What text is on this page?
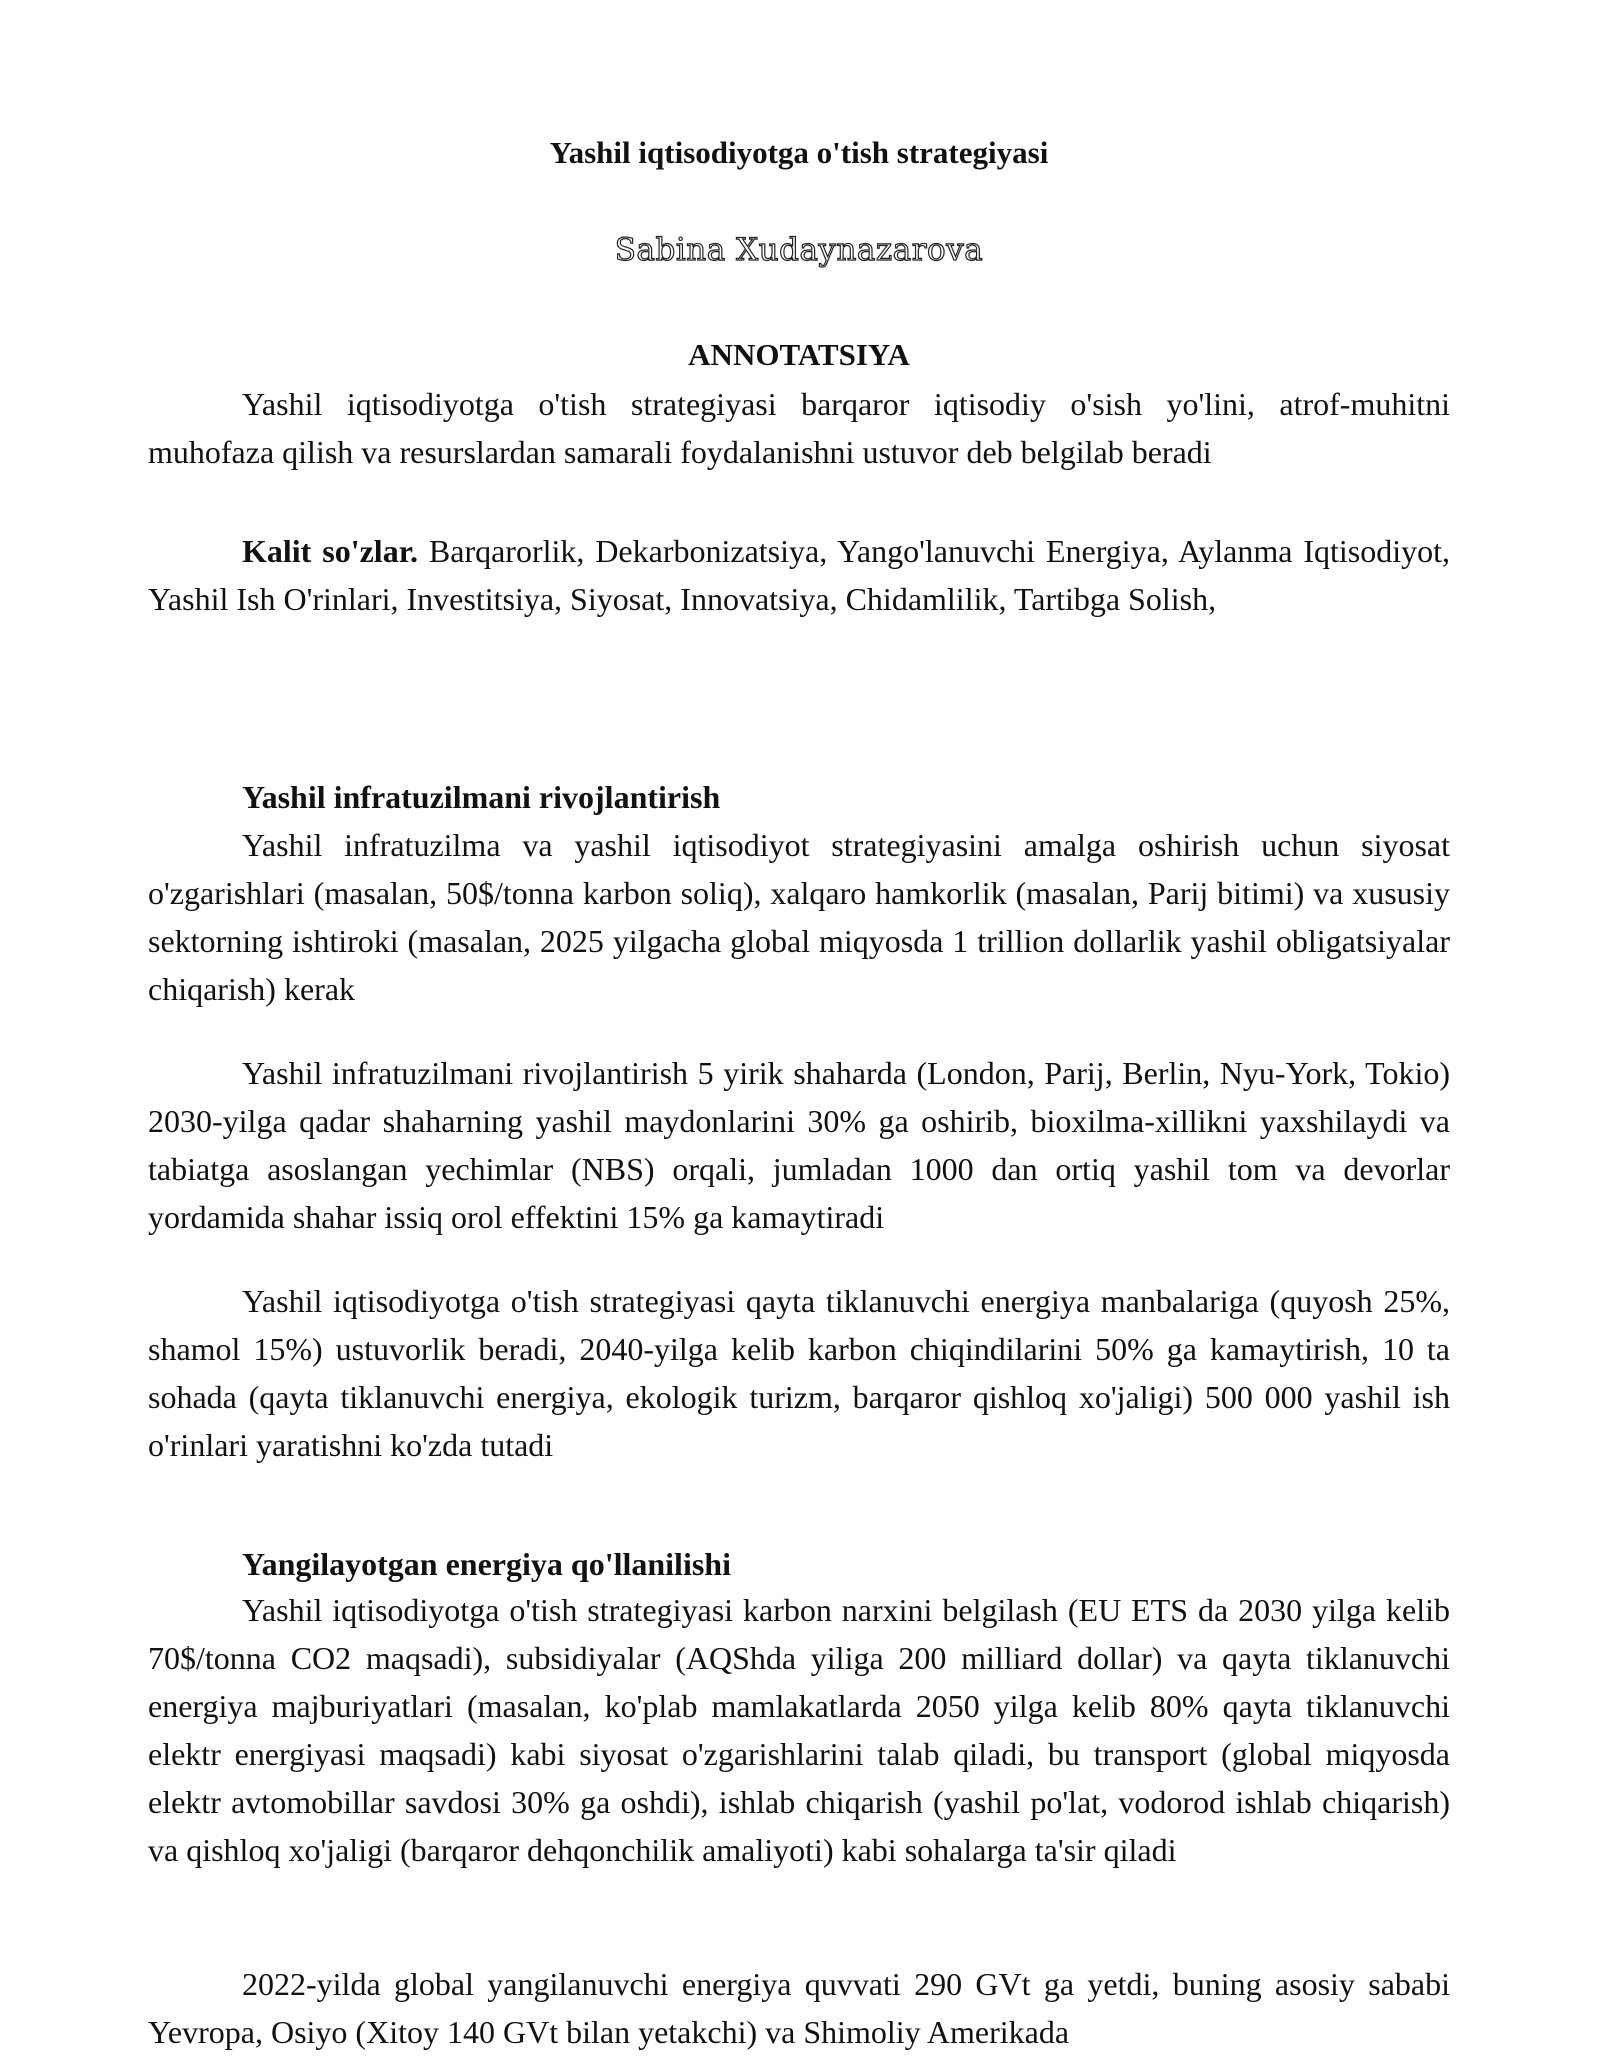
Yashil iqtisodiyotga o'tish strategiyasi
Sabina Xudaynazarova
ANNOTATSIYA
Yashil iqtisodiyotga o'tish strategiyasi barqaror iqtisodiy o'sish yo'lini, atrof-muhitni muhofaza qilish va resurslardan samarali foydalanishni ustuvor deb belgilab beradi
Kalit so'zlar. Barqarorlik, Dekarbonizatsiya, Yango'lanuvchi Energiya, Aylanma Iqtisodiyot, Yashil Ish O'rinlari, Investitsiya, Siyosat, Innovatsiya, Chidamlilik, Tartibga Solish,
Yashil infratuzilmani rivojlantirish
Yashil infratuzilma va yashil iqtisodiyot strategiyasini amalga oshirish uchun siyosat o'zgarishlari (masalan, 50$/tonna karbon soliq), xalqaro hamkorlik (masalan, Parij bitimi) va xususiy sektorning ishtiroki (masalan, 2025 yilgacha global miqyosda 1 trillion dollarlik yashil obligatsiyalar chiqarish) kerak
Yashil infratuzilmani rivojlantirish 5 yirik shaharda (London, Parij, Berlin, Nyu-York, Tokio) 2030-yilga qadar shaharning yashil maydonlarini 30% ga oshirib, bioxilma-xillikni yaxshilaydi va tabiatga asoslangan yechimlar (NBS) orqali, jumladan 1000 dan ortiq yashil tom va devorlar yordamida shahar issiq orol effektini 15% ga kamaytiradi
Yashil iqtisodiyotga o'tish strategiyasi qayta tiklanuvchi energiya manbalariga (quyosh 25%, shamol 15%) ustuvorlik beradi, 2040-yilga kelib karbon chiqindilarini 50% ga kamaytirish, 10 ta sohada (qayta tiklanuvchi energiya, ekologik turizm, barqaror qishloq xo'jaligi) 500 000 yashil ish o'rinlari yaratishni ko'zda tutadi
Yangilayotgan energiya qo'llanilishi
Yashil iqtisodiyotga o'tish strategiyasi karbon narxini belgilash (EU ETS da 2030 yilga kelib 70$/tonna CO2 maqsadi), subsidiyalar (AQShda yiliga 200 milliard dollar) va qayta tiklanuvchi energiya majburiyatlari (masalan, ko'plab mamlakatlarda 2050 yilga kelib 80% qayta tiklanuvchi elektr energiyasi maqsadi) kabi siyosat o'zgarishlarini talab qiladi, bu transport (global miqyosda elektr avtomobillar savdosi 30% ga oshdi), ishlab chiqarish (yashil po'lat, vodorod ishlab chiqarish) va qishloq xo'jaligi (barqaror dehqonchilik amaliyoti) kabi sohalarga ta'sir qiladi
2022-yilda global yangilanuvchi energiya quvvati 290 GVt ga yetdi, buning asosiy sababi Yevropa, Osiyo (Xitoy 140 GVt bilan yetakchi) va Shimoliy Amerikada
